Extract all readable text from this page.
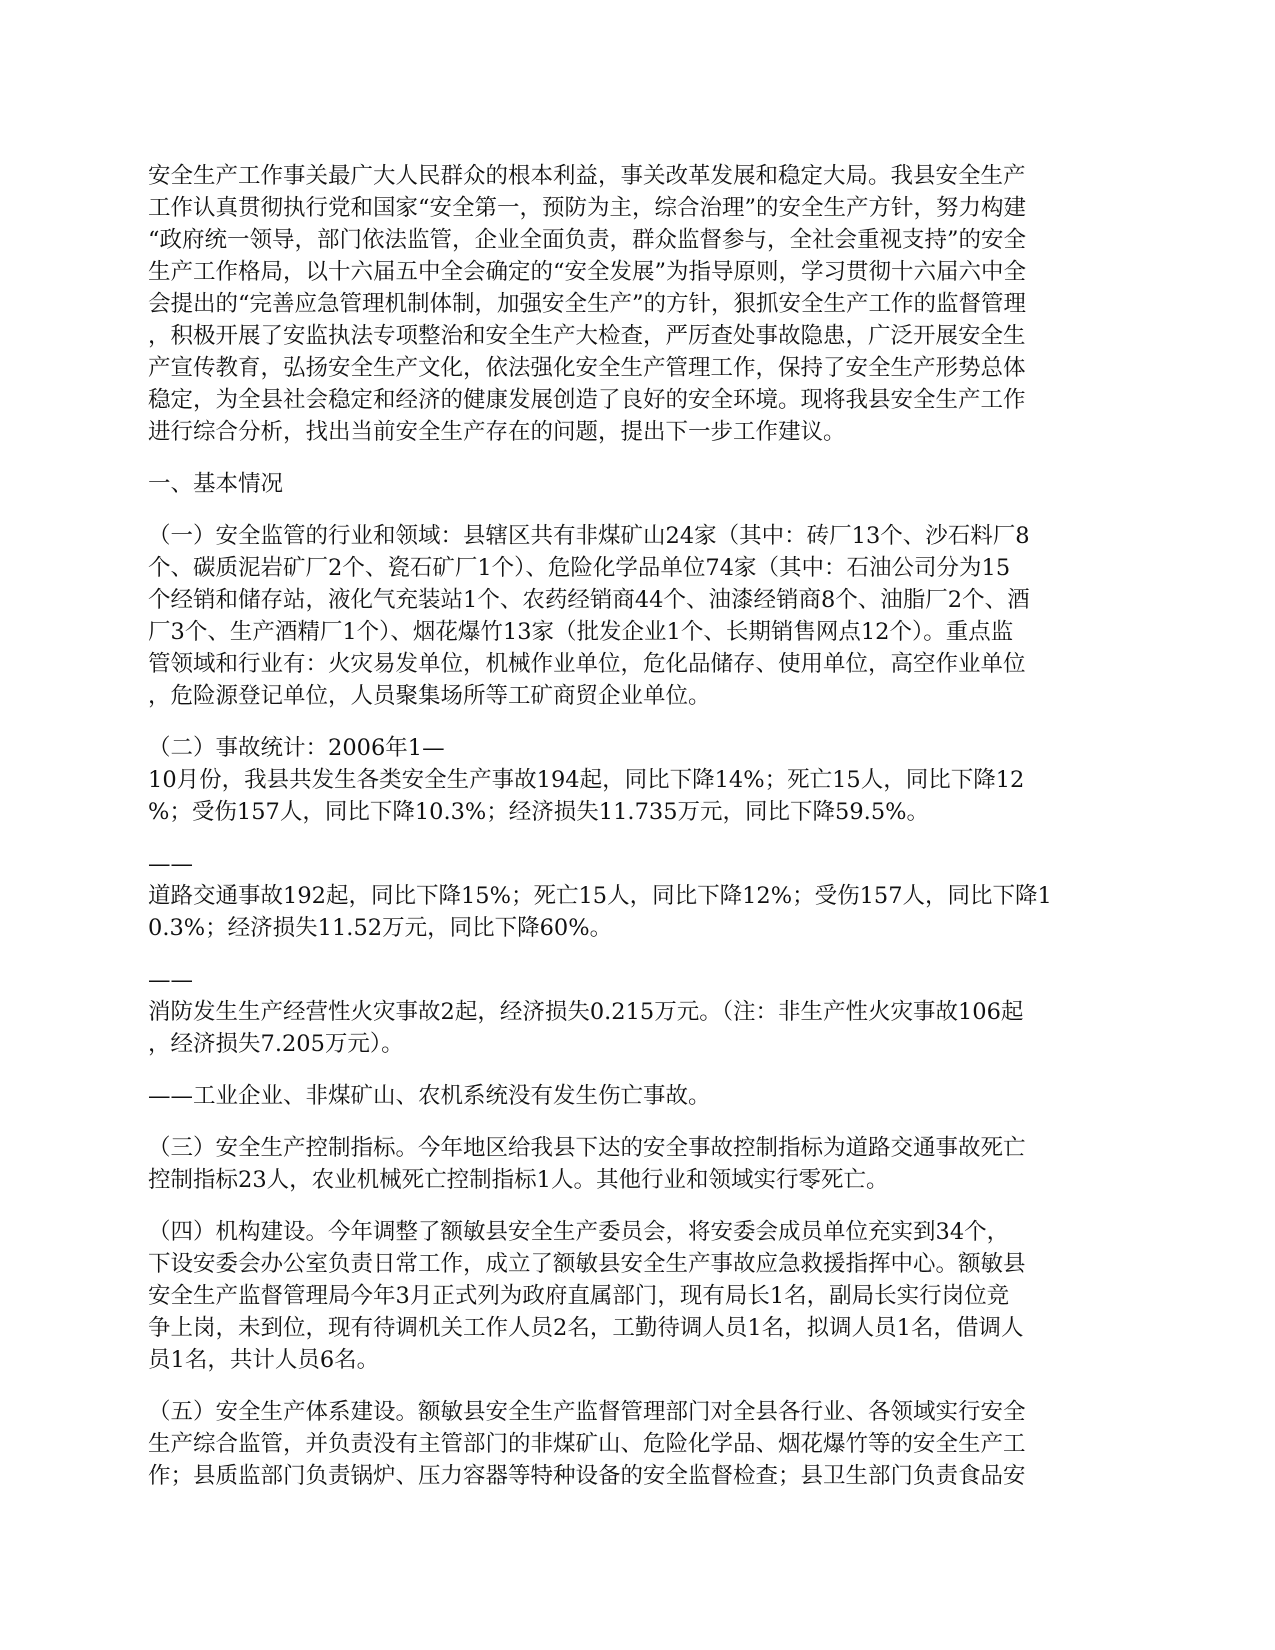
安全生产工作事关最广大人民群众的根本利益，事关改革发展和稳定大局。我县安全生产
工作认真贯彻执行党和国家“安全第一，预防为主，综合治理”的安全生产方针，努力构建
“政府统一领导，部门依法监管，企业全面负责，群众监督参与，全社会重视支持”的安全
生产工作格局，以十六届五中全会确定的“安全发展”为指导原则，学习贯彻十六届六中全
会提出的“完善应急管理机制体制，加强安全生产”的方针，狠抓安全生产工作的监督管理
，积极开展了安监执法专项整治和安全生产大检查，严厉查处事故隐患，广泛开展安全生
产宣传教育，弘扬安全生产文化，依法强化安全生产管理工作，保持了安全生产形势总体
稳定，为全县社会稳定和经济的健康发展创造了良好的安全环境。现将我县安全生产工作
进行综合分析，找出当前安全生产存在的问题，提出下一步工作建议。
一、基本情况
（一）安全监管的行业和领域：县辖区共有非煤矿山24家（其中：砖厂13个、沙石料厂8
个、碳质泥岩矿厂2个、瓷石矿厂1个）、危险化学品单位74家（其中：石油公司分为15
个经销和储存站，液化气充装站1个、农药经销商44个、油漆经销商8个、油脂厂2个、酒
厂3个、生产酒精厂1个）、烟花爆竹13家（批发企业1个、长期销售网点12个）。重点监
管领域和行业有：火灾易发单位，机械作业单位，危化品储存、使用单位，高空作业单位
，危险源登记单位，人员聚集场所等工矿商贸企业单位。
（二）事故统计：2006年1—
10月份，我县共发生各类安全生产事故194起，同比下降14%；死亡15人，同比下降12
%；受伤157人，同比下降10.3%；经济损失11.735万元，同比下降59.5%。
——
道路交通事故192起，同比下降15%；死亡15人，同比下降12%；受伤157人，同比下降1
0.3%；经济损失11.52万元，同比下降60%。
——
消防发生生产经营性火灾事故2起，经济损失0.215万元。（注：非生产性火灾事故106起
，经济损失7.205万元）。
——工业企业、非煤矿山、农机系统没有发生伤亡事故。
（三）安全生产控制指标。今年地区给我县下达的安全事故控制指标为道路交通事故死亡
控制指标23人，农业机械死亡控制指标1人。其他行业和领域实行零死亡。
（四）机构建设。今年调整了额敏县安全生产委员会，将安委会成员单位充实到34个，
下设安委会办公室负责日常工作，成立了额敏县安全生产事故应急救援指挥中心。额敏县
安全生产监督管理局今年3月正式列为政府直属部门，现有局长1名，副局长实行岗位竞
争上岗，未到位，现有待调机关工作人员2名，工勤待调人员1名，拟调人员1名，借调人
员1名，共计人员6名。
（五）安全生产体系建设。额敏县安全生产监督管理部门对全县各行业、各领域实行安全
生产综合监管，并负责没有主管部门的非煤矿山、危险化学品、烟花爆竹等的安全生产工
作；县质监部门负责锅炉、压力容器等特种设备的安全监督检查；县卫生部门负责食品安
